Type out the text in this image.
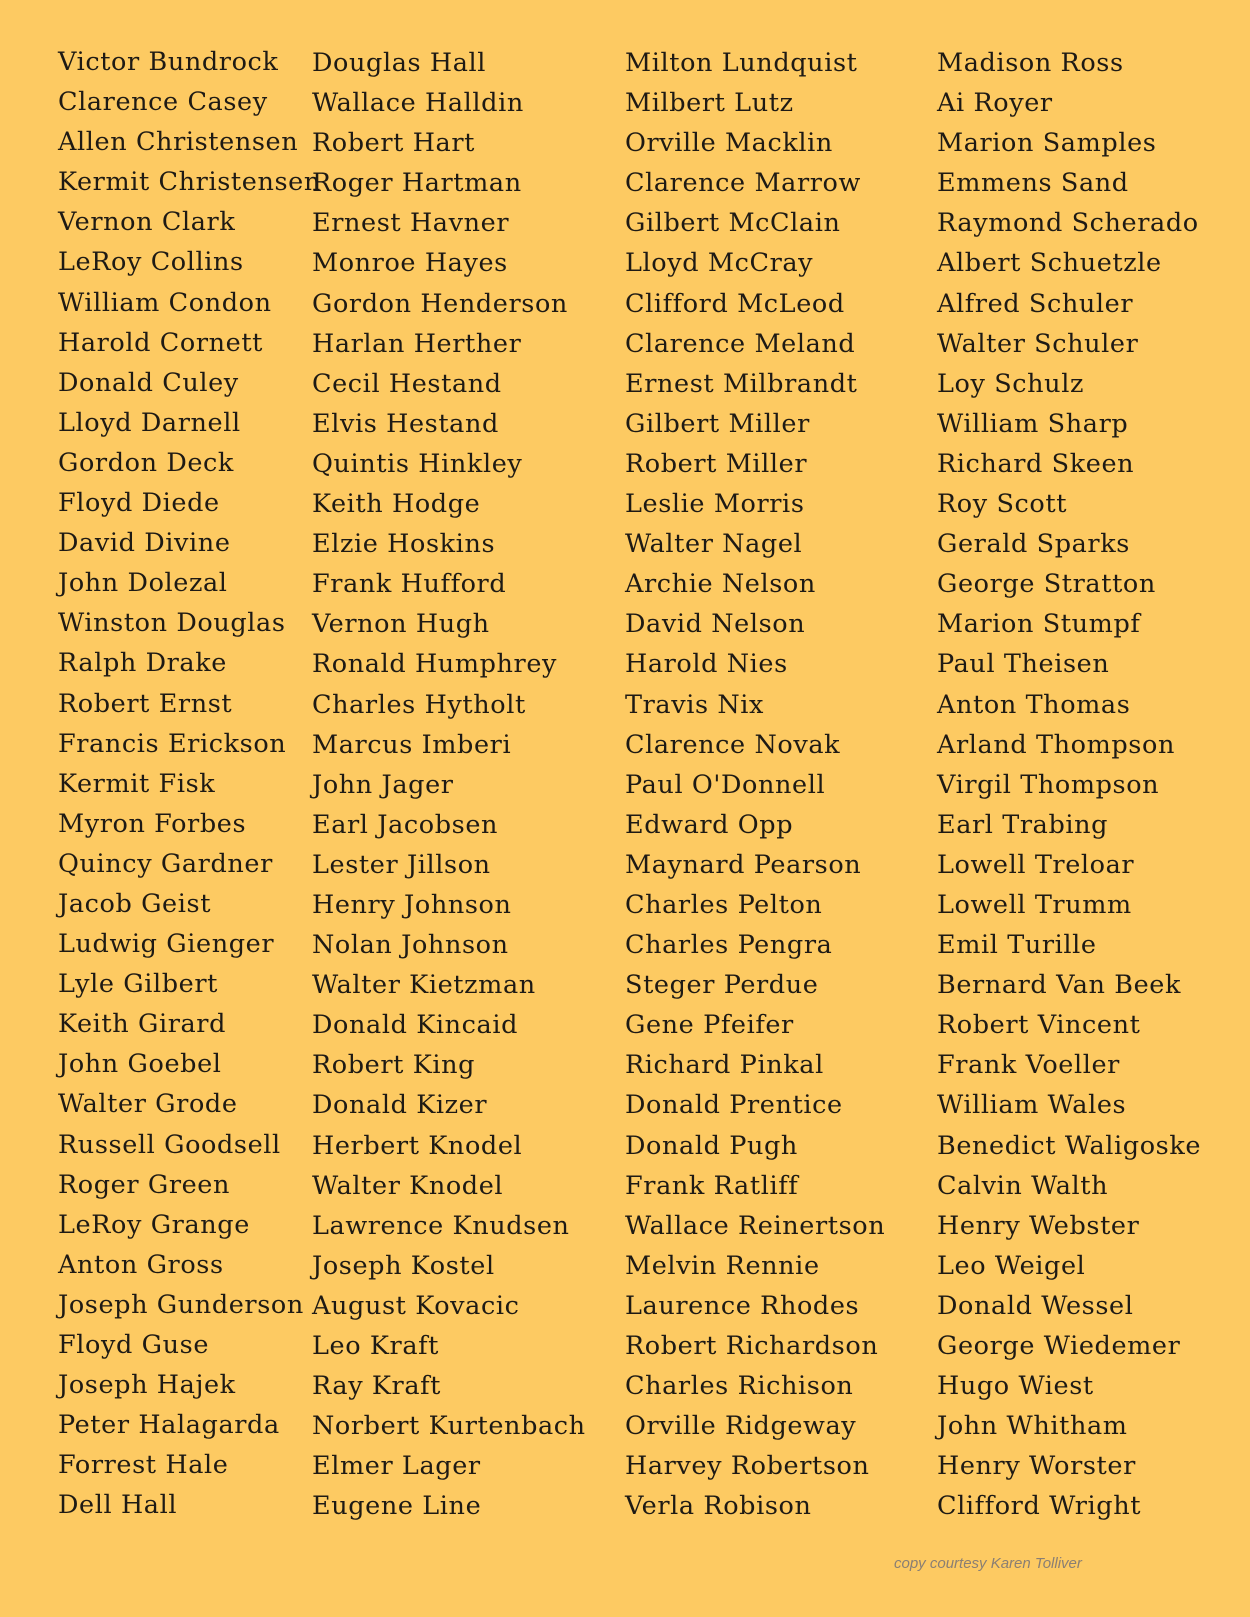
Victor Bundrock
Clarence Casey
Allen Christensen
Kermit Christensen
Vernon Clark
LeRoy Collins
William Condon
Harold Cornett
Donald Culey
Lloyd Darnell
Gordon Deck
Floyd Diede
David Divine
John Dolezal
Winston Douglas
Ralph Drake
Robert Ernst
Francis Erickson
Kermit Fisk
Myron Forbes
Quincy Gardner
Jacob Geist
Ludwig Gienger
Lyle Gilbert
Keith Girard
John Goebel
Walter Grode
Russell Goodsell
Roger Green
LeRoy Grange
Anton Gross
Joseph Gunderson
Floyd Guse
Joseph Hajek
Peter Halagarda
Forrest Hale
Dell Hall
Douglas Hall
Wallace Halldin
Robert Hart
Roger Hartman
Ernest Havner
Monroe Hayes
Gordon Henderson
Harlan Herther
Cecil Hestand
Elvis Hestand
Quintis Hinkley
Keith Hodge
Elzie Hoskins
Frank Hufford
Vernon Hugh
Ronald Humphrey
Charles Hytholt
Marcus Imberi
John Jager
Earl Jacobsen
Lester Jillson
Henry Johnson
Nolan Johnson
Walter Kietzman
Donald Kincaid
Robert King
Donald Kizer
Herbert Knodel
Walter Knodel
Lawrence Knudsen
Joseph Kostel
August Kovacic
Leo Kraft
Ray Kraft
Norbert Kurtenbach
Elmer Lager
Eugene Line
Milton Lundquist
Milbert Lutz
Orville Macklin
Clarence Marrow
Gilbert McClain
Lloyd McCray
Clifford McLeod
Clarence Meland
Ernest Milbrandt
Gilbert Miller
Robert Miller
Leslie Morris
Walter Nagel
Archie Nelson
David Nelson
Harold Nies
Travis Nix
Clarence Novak
Paul O'Donnell
Edward Opp
Maynard Pearson
Charles Pelton
Charles Pengra
Steger Perdue
Gene Pfeifer
Richard Pinkal
Donald Prentice
Donald Pugh
Frank Ratliff
Wallace Reinertson
Melvin Rennie
Laurence Rhodes
Robert Richardson
Charles Richison
Orville Ridgeway
Harvey Robertson
Verla Robison
Madison Ross
Ai Royer
Marion Samples
Emmens Sand
Raymond Scherado
Albert Schuetzle
Alfred Schuler
Walter Schuler
Loy Schulz
William Sharp
Richard Skeen
Roy Scott
Gerald Sparks
George Stratton
Marion Stumpf
Paul Theisen
Anton Thomas
Arland Thompson
Virgil Thompson
Earl Trabing
Lowell Treloar
Lowell Trumm
Emil Turille
Bernard Van Beek
Robert Vincent
Frank Voeller
William Wales
Benedict Waligoske
Calvin Walth
Henry Webster
Leo Weigel
Donald Wessel
George Wiedemer
Hugo Wiest
John Whitham
Henry Worster
Clifford Wright
copy courtesy Karen Tolliver
